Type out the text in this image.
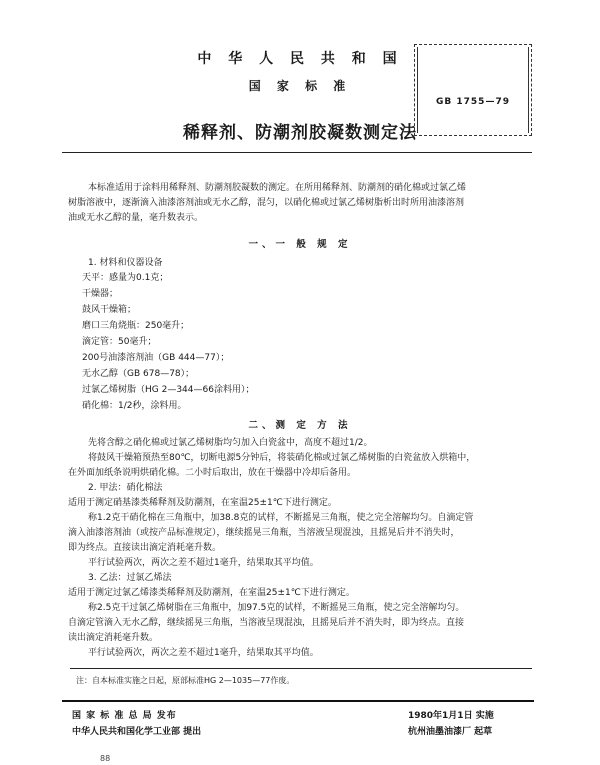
中 华 人 民 共 和 国
国 家 标 准
稀释剂、防潮剂胶凝数测定法
GB 1755—79
本标准适用于涂料用稀释剂、防潮剂胶凝数的测定。在所用稀释剂、防潮剂的硝化棉或过氯乙烯
树脂溶液中，逐渐滴入油漆溶剂油或无水乙醇，混匀，以硝化棉或过氯乙烯树脂析出时所用油漆溶剂
油或无水乙醇的量，毫升数表示。
一、一 般 规 定
1. 材料和仪器设备
天平：感量为0.1克；
干燥器；
鼓风干燥箱；
磨口三角烧瓶：250毫升；
滴定管：50毫升；
200号油漆溶剂油（GB 444—77）；
无水乙醇（GB 678—78）；
过氯乙烯树脂（HG 2—344—66涂料用）；
硝化棉：1/2秒，涂料用。
二、测 定 方 法
先将含醇之硝化棉或过氯乙烯树脂均匀加入白瓷盆中，高度不超过1/2。
将鼓风干燥箱预热至80℃，切断电源5分钟后，将装硝化棉或过氯乙烯树脂的白瓷盆放入烘箱中，
在外面加纸条说明烘硝化棉。二小时后取出，放在干燥器中冷却后备用。
2. 甲法：硝化棉法
适用于测定硝基漆类稀释剂及防潮剂，在室温25±1℃下进行测定。
称1.2克干硝化棉在三角瓶中，加38.8克的试样，不断摇晃三角瓶，使之完全溶解均匀。自滴定管
滴入油漆溶剂油（或按产品标准规定），继续摇晃三角瓶，当溶液呈现混浊，且摇晃后并不消失时，
即为终点。直接读出滴定消耗毫升数。
平行试验两次，两次之差不超过1毫升，结果取其平均值。
3. 乙法：过氯乙烯法
适用于测定过氯乙烯漆类稀释剂及防潮剂，在室温25±1℃下进行测定。
称2.5克干过氯乙烯树脂在三角瓶中，加97.5克的试样，不断摇晃三角瓶，使之完全溶解均匀。
自滴定管滴入无水乙醇，继续摇晃三角瓶，当溶液呈现混浊，且摇晃后并不消失时，即为终点。直接
读出滴定消耗毫升数。
平行试验两次，两次之差不超过1毫升，结果取其平均值。
注：自本标准实施之日起，原部标准HG 2—1035—77作废。
国 家 标 准 总 局 发布
中华人民共和国化学工业部 提出
1980年1月1日 实施
杭州油墨油漆厂 起草
88
